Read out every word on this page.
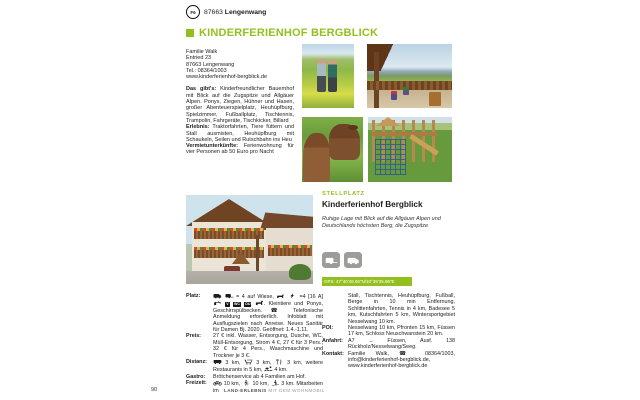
F6	87663 Lengenwang
KINDERFERIENHOF BERGBLICK
Familie Walk
Entried 23
87663 Lengenwang
Tel.: 08364/1003
www.kinderferienhof-bergblick.de
Das gibt's: Kinderfreundlicher Bauernhof mit Blick auf die Zugspitze und Allgäuer Alpen. Ponys, Ziegen, Hühner und Hasen, großer Abenteuerspielplatz, Heuhüpfburg, Spielzimmer, Fußballplatz, Tischtennis, Trampolin, Fahrgeräte, Tischkicker, Billard
Erlebnis: Traktorfahrten, Tiere füttern und Stall ausmisten, Heuhüpfburg mit Schaukeln, Seilen und Rutschbahn ins Heu
Vermietunterkünfte: Ferienwohnung für vier Personen ab 50 Euro pro Nacht
STELLPLATZ
Kinderferienhof Bergblick
Ruhige Lage mit Blick auf die Allgäuer Alpen und Deutschlands höchsten Berg, die Zugspitze
GPS: 47°40'48.06"N/10°35'35.96"E
Platz:	= 4 auf Wiese,	=4 [16 A]  V WC DU . Kleintiere und Ponys, Geschirrspülbecken. ☎ Telefonische Anmeldung erforderlich. Infoblatt mit Ausflugszielen nach Anreise. Neues Sanitär für Damen Bj. 2020. Geöffnet: 1.4.-1.11.
Preis:	27 € inkl. Wasser, Entsorgung, Dusche, WC, Müll-Entsorgung, Strom 4 €, 27 € für 3 Pers., 32 € für 4 Pers., Waschmaschine und Trockner je 3 €.
Distanz:	3 km,  3 km,  3 km, weitere Restaurants in 5 km,  4 km.
Gastro:	Brötchenservice ab 4 Familien am Hof.
Freizeit:	10 km,  10 km,  3 km. Mitarbeiten im
Stall, Tischtennis, Heuhüpfburg, Fußball, Berge in 10 min Entfernung, Schlittenfahrten, Tennis in 4 km, Badesee 5 km, Kutschfahrten 5 km, Wintersportgebiet Nesselwang 10 km.
POI:	Nesselwang 10 km, Pfronten 15 km, Füssen 17 km, Schloss Neuschwanstein 20 km.
Anfahrt: A7 → Füssen, Ausf. 138 Rückholz/Nesselwang/Seeg.
Kontakt: Familie Walk, ☎ 08364/1003, info@kinderferienhof-bergblick.de, www.kinderferienhof-bergblick.de
90	LAND-ERLEBNIS MIT DEM WOHNMOBIL
